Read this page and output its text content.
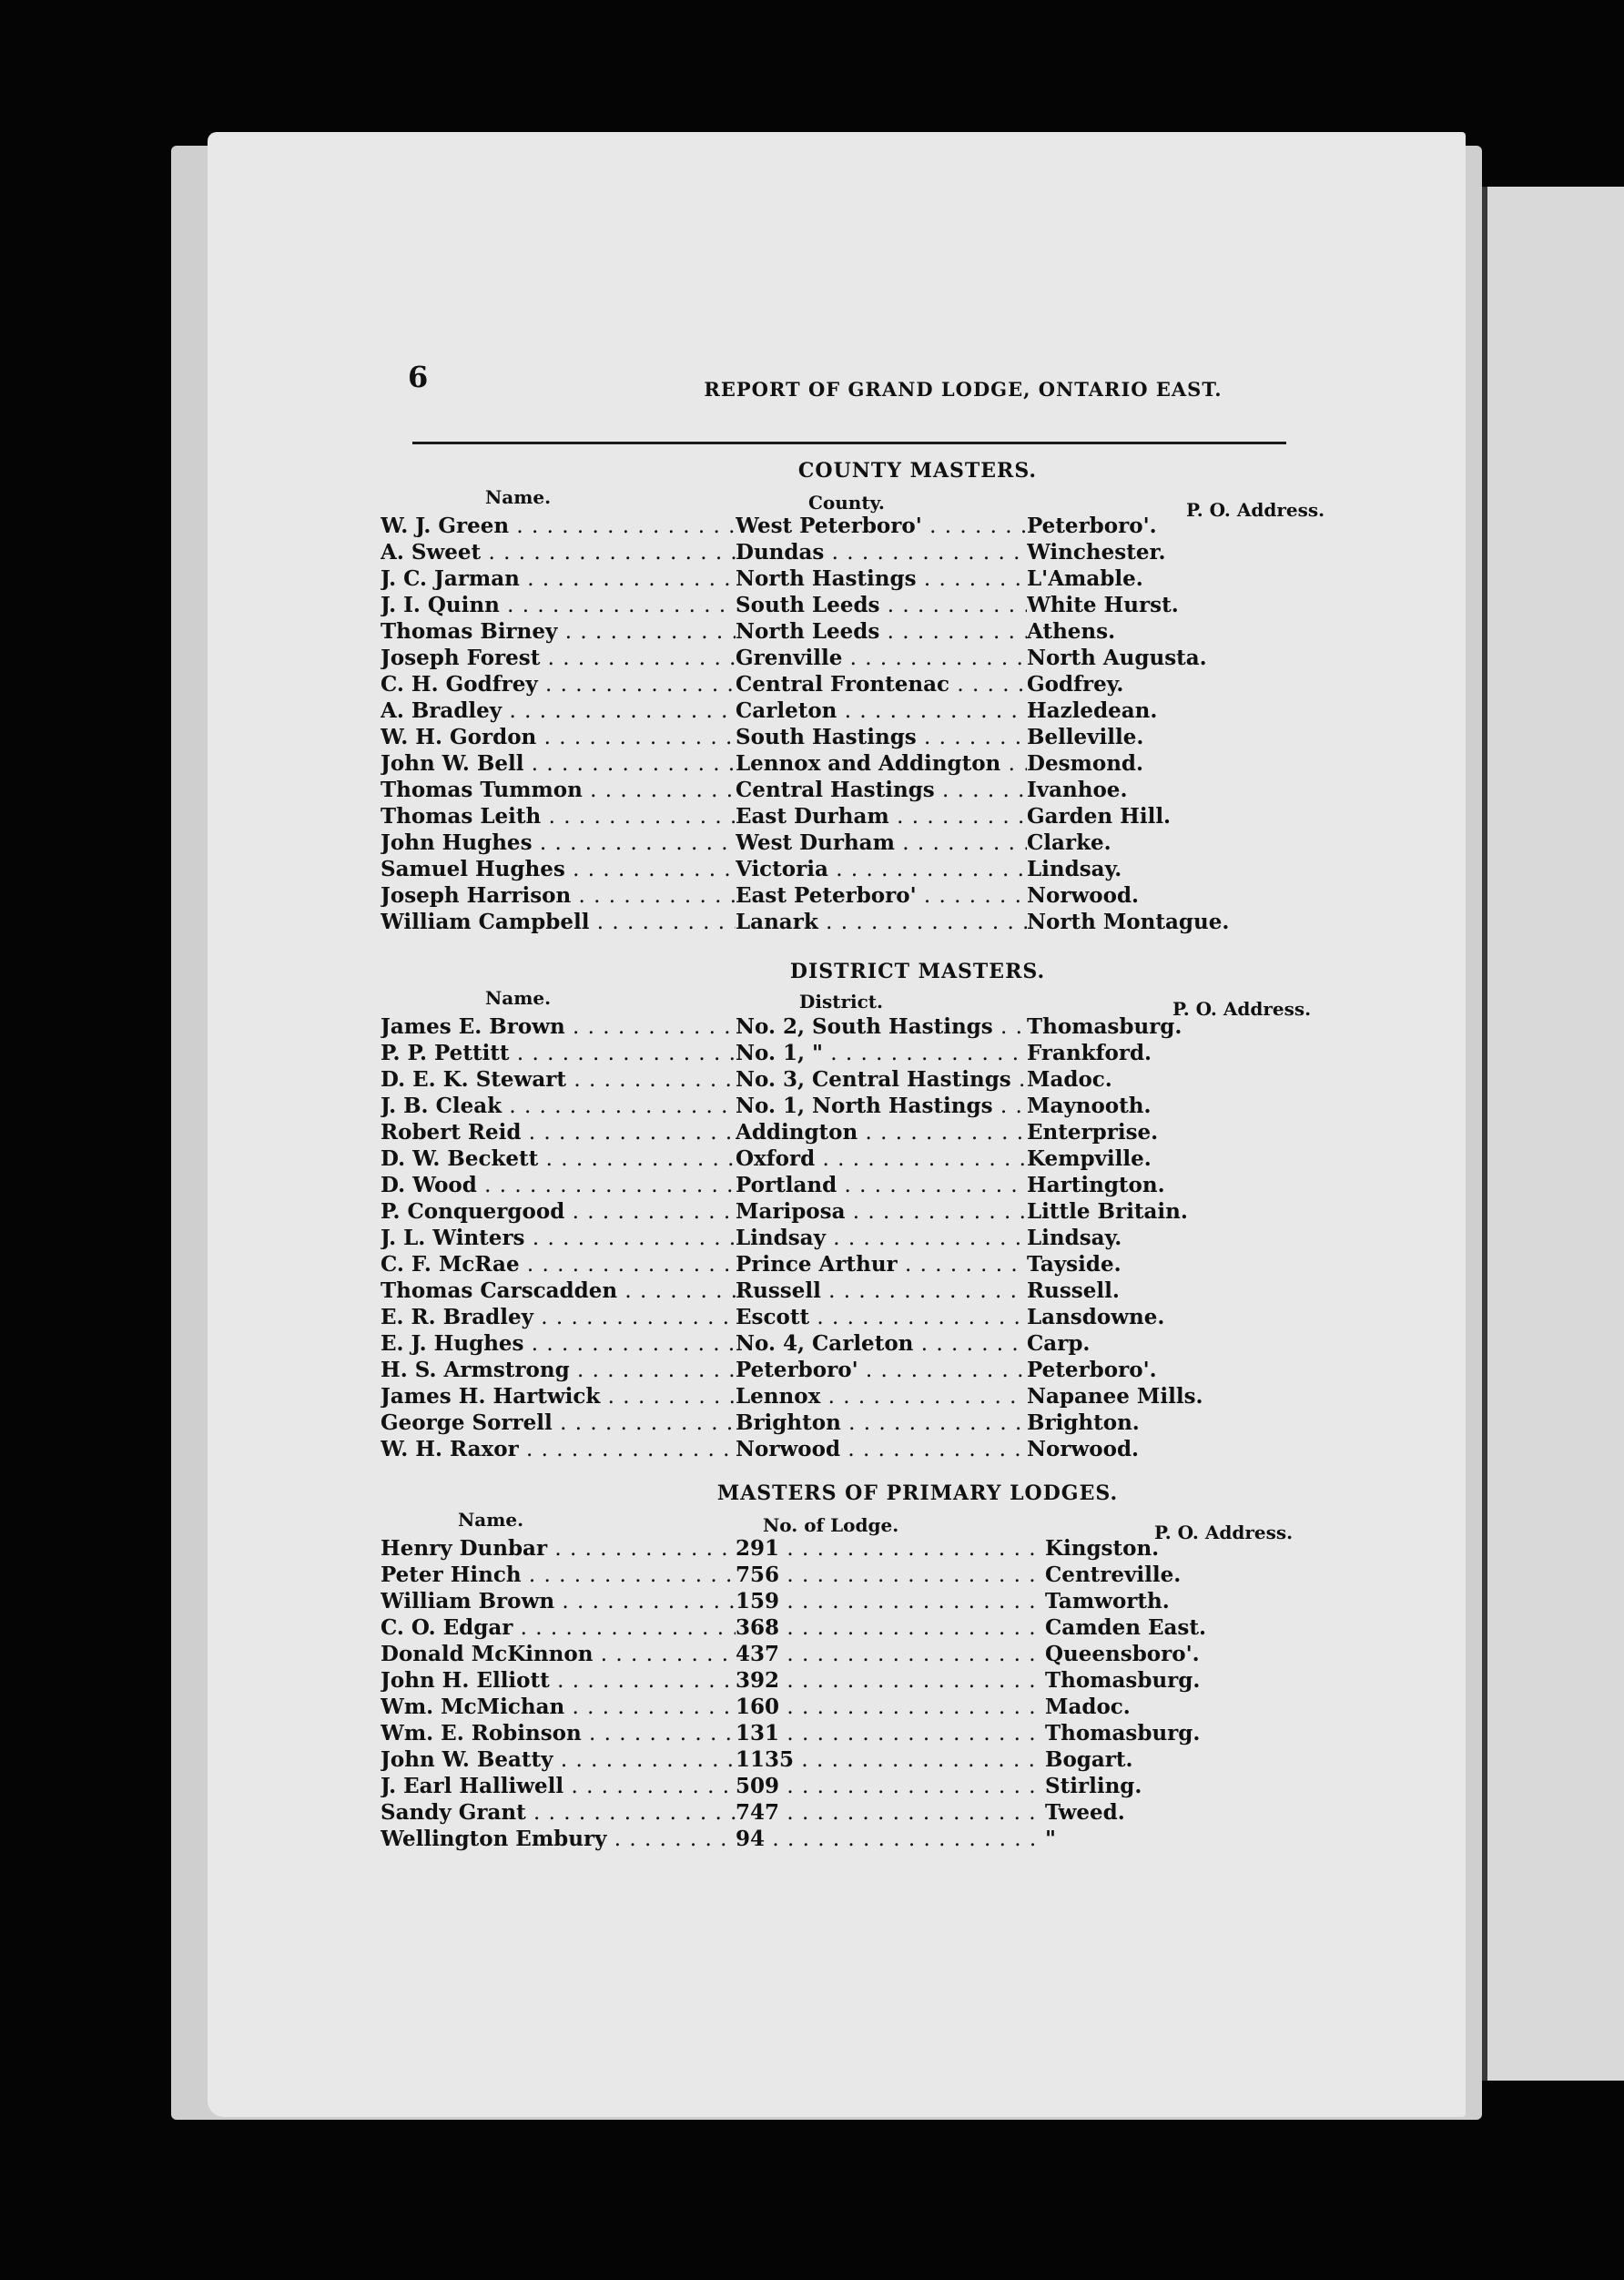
6	REPORT OF GRAND LODGE, ONTARIO EAST.
COUNTY MASTERS.
Name.	County.	P. O. Address.
W. J. Green . . .	West Peterboro' . . .	Peterboro'.
A. Sweet . . .	Dundas . . .	Winchester.
J. C. Jarman . . .	North Hastings . . .	L'Amable.
J. I. Quinn . . .	South Leeds . . .	White Hurst.
Thomas Birney . . .	North Leeds . . .	Athens.
Joseph Forest . . .	Grenville . . .	North Augusta.
C. H. Godfrey . . .	Central Frontenac . . .	Godfrey.
A. Bradley . . .	Carleton . . .	Hazledean.
W. H. Gordon . . .	South Hastings . . .	Belleville.
John W. Bell . . .	Lennox and Addington . . .	Desmond.
Thomas Tummon . . .	Central Hastings . . .	Ivanhoe.
Thomas Leith . . .	East Durham . . .	Garden Hill.
John Hughes . . .	West Durham . . .	Clarke.
Samuel Hughes . . .	Victoria . . .	Lindsay.
Joseph Harrison . . .	East Peterboro' . . .	Norwood.
William Campbell . . .	Lanark . . .	North Montague.
DISTRICT MASTERS.
Name.	District.	P. O. Address.
James E. Brown . . .	No. 2, South Hastings . . .	Thomasburg.
P. P. Pettitt . . .	No. 1, " . . .	Frankford.
D. E. K. Stewart . . .	No. 3, Central Hastings . . . Madoc.
J. B. Cleak . . .	No. 1, North Hastings . . .	Maynooth.
Robert Reid . . .	Addington . . .	Enterprise.
D. W. Beckett . . .	Oxford . . .	Kempville.
D. Wood . . .	Portland . . .	Hartington.
P. Conquergood . . .	Mariposa . . .	Little Britain.
J. L. Winters . . .	Lindsay . . .	Lindsay.
C. F. McRae . . .	Prince Arthur . . .	Tayside.
Thomas Carscadden . . .	Russell . . .	Russell.
E. R. Bradley . . .	Escott . . .	Lansdowne.
E. J. Hughes . . .	No. 4, Carleton . . .	Carp.
H. S. Armstrong . . .	Peterboro' . . .	Peterboro'.
James H. Hartwick . . .	Lennox . . .	Napanee Mills.
George Sorrell . . .	Brighton . . .	Brighton.
W. H. Raxor . . .	Norwood . . .	Norwood.
MASTERS OF PRIMARY LODGES.
Name.	No. of Lodge.	P. O. Address.
Henry Dunbar . . .	291 . . .	Kingston.
Peter Hinch . . .	756 . . .	Centreville.
William Brown . . .	159 . . .	Tamworth.
C. O. Edgar . . .	368 . . .	Camden East.
Donald McKinnon . . .	437 . . .	Queensboro'.
John H. Elliott . . .	392 . . .	Thomasburg.
Wm. McMichan . . .	160 . . .	Madoc.
Wm. E. Robinson . . .	131 . . .	Thomasburg.
John W. Beatty . . .	1135 . . .	Bogart.
J. Earl Halliwell . . .	509 . . .	Stirling.
Sandy Grant . . .	747 . . .	Tweed.
Wellington Embury . . .	94 . . .	"
